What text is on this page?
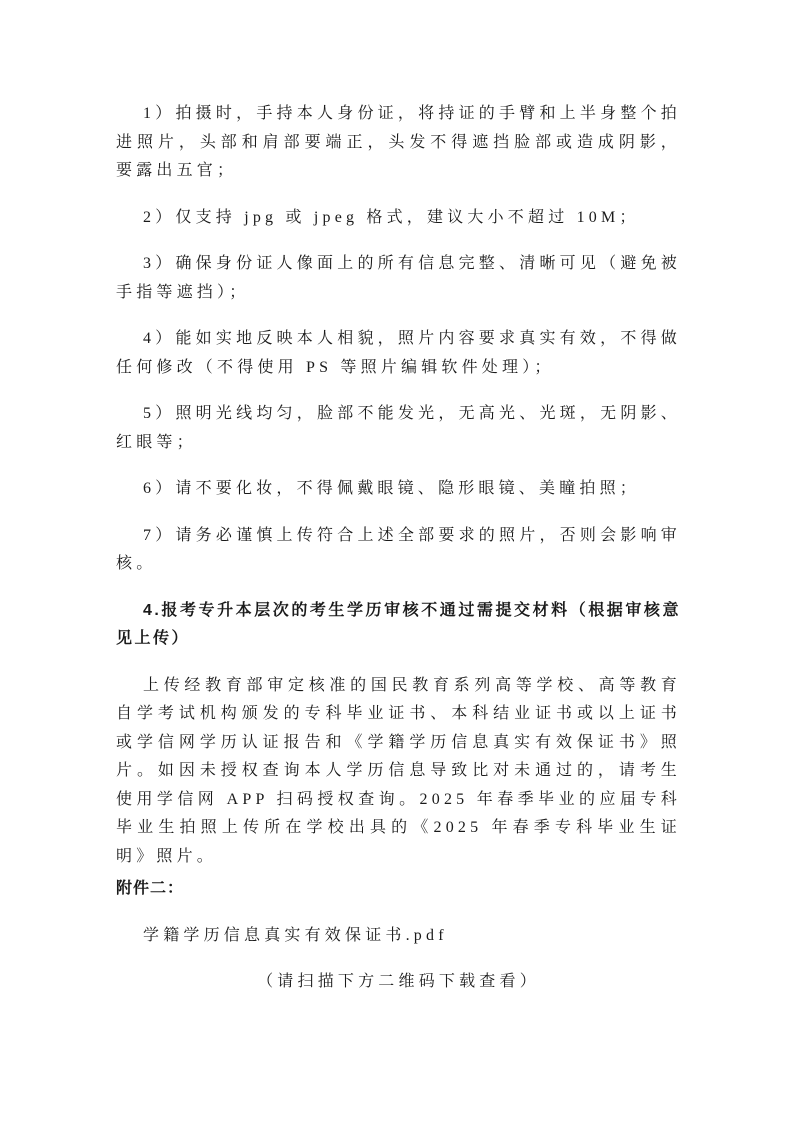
1）拍摄时，手持本人身份证，将持证的手臂和上半身整个拍进照片，头部和肩部要端正，头发不得遮挡脸部或造成阴影，要露出五官；

2）仅支持 jpg 或 jpeg 格式，建议大小不超过 10M；

3）确保身份证人像面上的所有信息完整、清晰可见（避免被手指等遮挡）；

4）能如实地反映本人相貌，照片内容要求真实有效，不得做任何修改（不得使用 PS 等照片编辑软件处理）；

5）照明光线均匀，脸部不能发光，无高光、光斑，无阴影、红眼等；

6）请不要化妆，不得佩戴眼镜、隐形眼镜、美瞳拍照；

7）请务必谨慎上传符合上述全部要求的照片，否则会影响审核。

4.报考专升本层次的考生学历审核不通过需提交材料（根据审核意见上传）

上传经教育部审定核准的国民教育系列高等学校、高等教育自学考试机构颁发的专科毕业证书、本科结业证书或以上证书或学信网学历认证报告和《学籍学历信息真实有效保证书》照片。如因未授权查询本人学历信息导致比对未通过的，请考生使用学信网 APP 扫码授权查询。2025 年春季毕业的应届专科毕业生拍照上传所在学校出具的《2025 年春季专科毕业生证明》照片。

附件二：

学籍学历信息真实有效保证书.pdf

（请扫描下方二维码下载查看）
